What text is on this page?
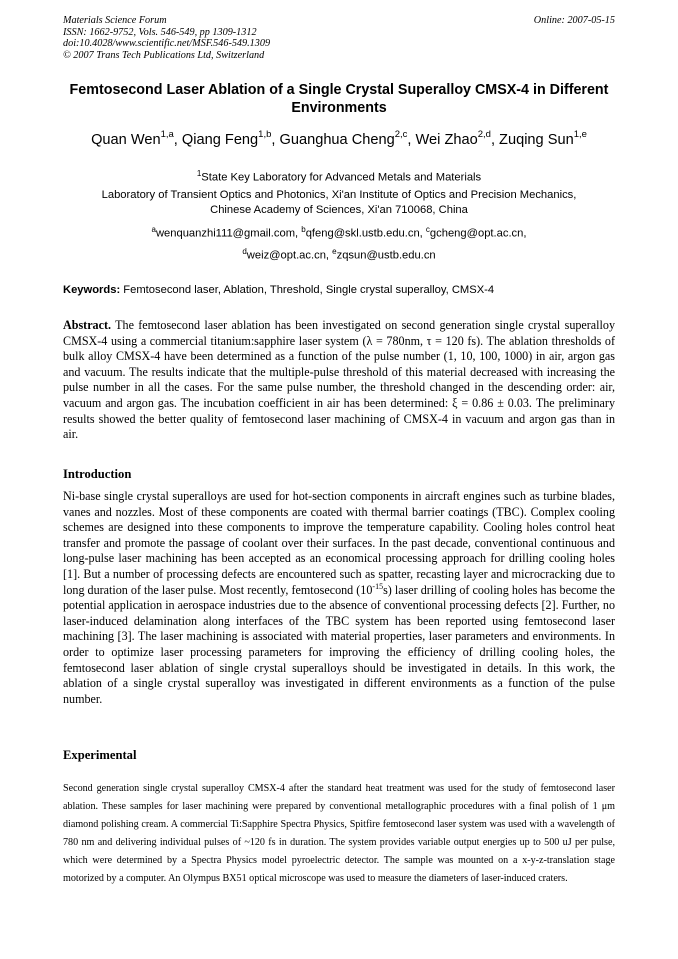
Materials Science Forum
ISSN: 1662-9752, Vols. 546-549, pp 1309-1312
doi:10.4028/www.scientific.net/MSF.546-549.1309
© 2007 Trans Tech Publications Ltd, Switzerland
Online: 2007-05-15
Femtosecond Laser Ablation of a Single Crystal Superalloy CMSX-4 in Different Environments
Quan Wen$^{1,a}$, Qiang Feng$^{1,b}$, Guanghua Cheng$^{2,c}$, Wei Zhao$^{2,d}$, Zuqing Sun$^{1,e}$
$^1$State Key Laboratory for Advanced Metals and Materials
Laboratory of Transient Optics and Photonics, Xi'an Institute of Optics and Precision Mechanics,
Chinese Academy of Sciences, Xi'an 710068, China
$^a$wenquanzhi111@gmail.com, $^b$qfeng@skl.ustb.edu.cn, $^c$gcheng@opt.ac.cn,
$^d$weiz@opt.ac.cn, $^e$zqsun@ustb.edu.cn
Keywords: Femtosecond laser, Ablation, Threshold, Single crystal superalloy, CMSX-4
Abstract. The femtosecond laser ablation has been investigated on second generation single crystal superalloy CMSX-4 using a commercial titanium:sapphire laser system (λ = 780nm, τ = 120 fs). The ablation thresholds of bulk alloy CMSX-4 have been determined as a function of the pulse number (1, 10, 100, 1000) in air, argon gas and vacuum. The results indicate that the multiple-pulse threshold of this material decreased with increasing the pulse number in all the cases. For the same pulse number, the threshold changed in the descending order: air, vacuum and argon gas. The incubation coefficient in air has been determined: ξ = 0.86 ± 0.03. The preliminary results showed the better quality of femtosecond laser machining of CMSX-4 in vacuum and argon gas than in air.
Introduction
Ni-base single crystal superalloys are used for hot-section components in aircraft engines such as turbine blades, vanes and nozzles. Most of these components are coated with thermal barrier coatings (TBC). Complex cooling schemes are designed into these components to improve the temperature capability. Cooling holes control heat transfer and promote the passage of coolant over their surfaces. In the past decade, conventional continuous and long-pulse laser machining has been accepted as an economical processing approach for drilling cooling holes [1]. But a number of processing defects are encountered such as spatter, recasting layer and microcracking due to long duration of the laser pulse. Most recently, femtosecond $(10^{-15}s)$ laser drilling of cooling holes has become the potential application in aerospace industries due to the absence of conventional processing defects [2]. Further, no laser-induced delamination along interfaces of the TBC system has been reported using femtosecond laser machining [3]. The laser machining is associated with material properties, laser parameters and environments. In order to optimize laser processing parameters for improving the efficiency of drilling cooling holes, the femtosecond laser ablation of single crystal superalloys should be investigated in details. In this work, the ablation of a single crystal superalloy was investigated in different environments as a function of the pulse number.
Experimental
Second generation single crystal superalloy CMSX-4 after the standard heat treatment was used for the study of femtosecond laser ablation. These samples for laser machining were prepared by conventional metallographic procedures with a final polish of 1 μm diamond polishing cream. A commercial Ti:Sapphire Spectra Physics, Spitfire femtosecond laser system was used with a wavelength of 780 nm and delivering individual pulses of ~120 fs in duration. The system provides variable output energies up to 500 uJ per pulse, which were determined by a Spectra Physics model pyroelectric detector. The sample was mounted on a x-y-z-translation stage motorized by a computer. An Olympus BX51 optical microscope was used to measure the diameters of laser-induced craters.
